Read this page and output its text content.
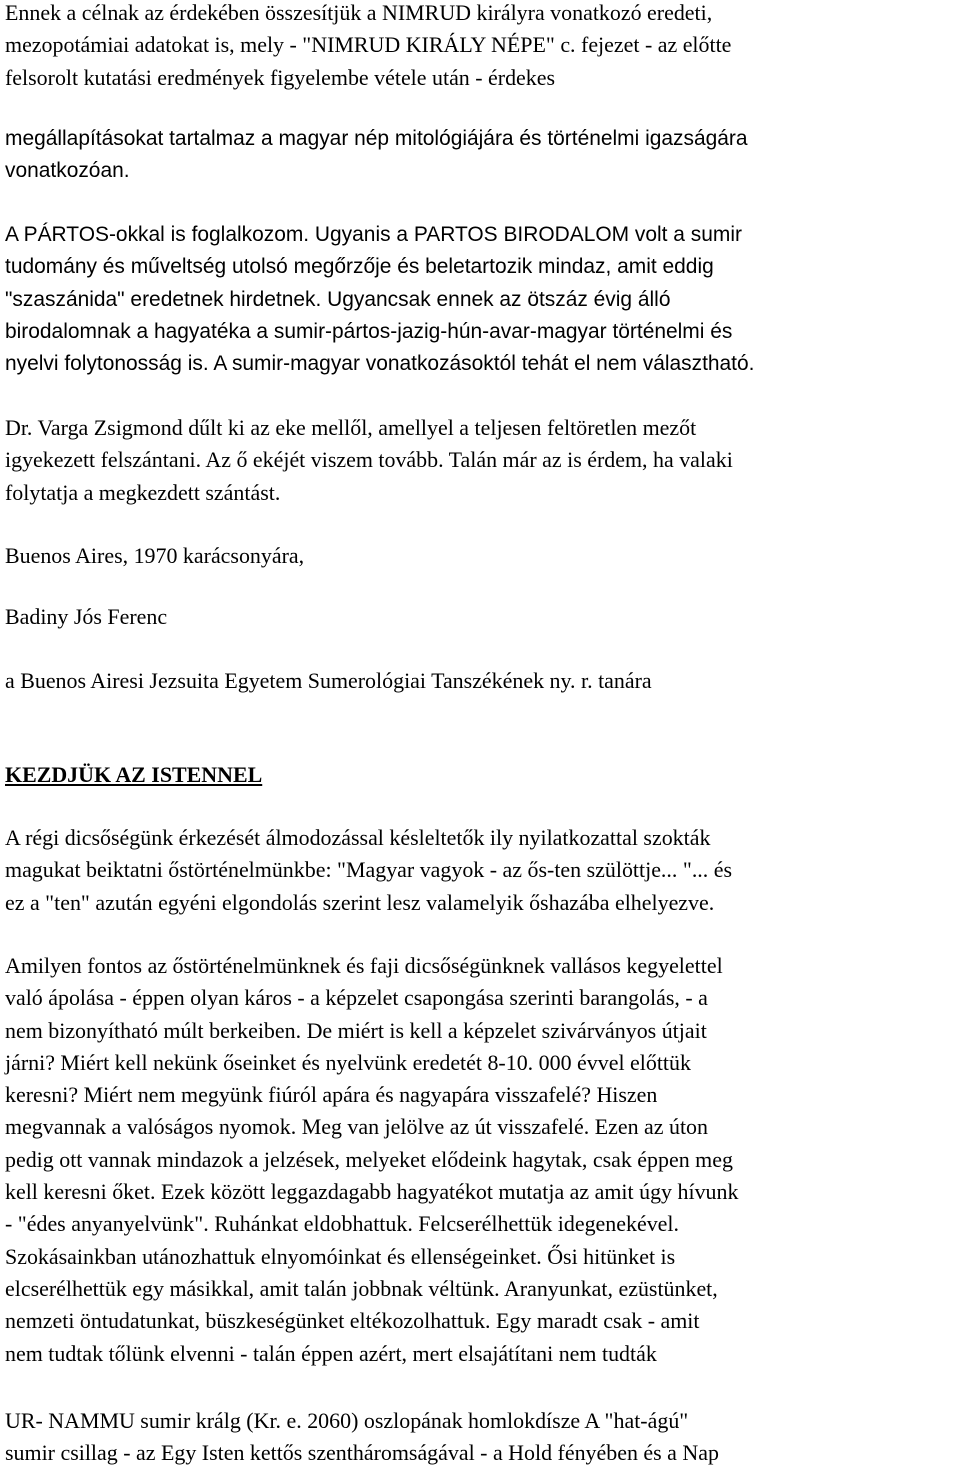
Ennek a célnak az érdekében összesítjük a NIMRUD királyra vonatkozó eredeti,
mezopotámiai adatokat is, mely - "NIMRUD KIRÁLY NÉPE" c. fejezet - az előtte
felsorolt kutatási eredmények figyelembe vétele után - érdekes
megállapításokat tartalmaz a magyar nép mitológiájára és történelmi igazságára
vonatkozóan.
A PÁRTOS-okkal is foglalkozom. Ugyanis a PARTOS BIRODALOM volt a sumir
tudomány és műveltség utolsó megőrzője és beletartozik mindaz, amit eddig
"szaszánida" eredetnek hirdetnek. Ugyancsak ennek az ötszáz évig álló
birodalomnak a hagyatéka a sumir-pártos-jazig-hún-avar-magyar történelmi és
nyelvi folytonosság is. A sumir-magyar vonatkozásoktól tehát el nem választható.
Dr. Varga Zsigmond dűlt ki az eke mellől, amellyel a teljesen feltöretlen mezőt
igyekezett felszántani. Az ő ekéjét viszem tovább. Talán már az is érdem, ha valaki
folytatja a megkezdett szántást.
Buenos Aires, 1970 karácsonyára,
Badiny Jós Ferenc
a Buenos Airesi Jezsuita Egyetem Sumerológiai Tanszékének ny. r. tanára
KEZDJÜK AZ ISTENNEL
A régi dicsőségünk érkezését álmodozással késleltetők ily nyilatkozattal szokták
magukat beiktatni őstörténelmünkbe: "Magyar vagyok - az ős-ten szülöttje... "... és
ez a "ten" azután egyéni elgondolás szerint lesz valamelyik őshazába elhelyezve.
Amilyen fontos az őstörténelmünknek és faji dicsőségünknek vallásos kegyelettel
való ápolása - éppen olyan káros - a képzelet csapongása szerinti barangolás, - a
nem bizonyítható múlt berkeiben. De miért is kell a képzelet szivárványos útjait
járni? Miért kell nekünk őseinket és nyelvünk eredetét 8-10. 000 évvel előttük
keresni? Miért nem megyünk fiúról apára és nagyapára visszafelé? Hiszen
megvannak a valóságos nyomok. Meg van jelölve az út visszafelé. Ezen az úton
pedig ott vannak mindazok a jelzések, melyeket elődeink hagytak, csak éppen meg
kell keresni őket. Ezek között leggazdagabb hagyatékot mutatja az amit úgy hívunk
- "édes anyanyelvünk". Ruhánkat eldobhattuk. Felcserélhettük idegenekével.
Szokásainkban utánozhattuk elnyomóinkat és ellenségeinket. Ősi hitünket is
elcserélhettük egy másikkal, amit talán jobbnak véltünk. Aranyunkat, ezüstünket,
nemzeti öntudatunkat, büszkeségünket eltékozolhattuk. Egy maradt csak - amit
nem tudtak tőlünk elvenni - talán éppen azért, mert elsajátítani nem tudták
UR- NAMMU sumir králg (Kr. e. 2060) oszlopának homlokdísze A "hat-ágú"
sumir csillag - az Egy Isten kettős szentháromságával - a Hold fényében és a Nap
